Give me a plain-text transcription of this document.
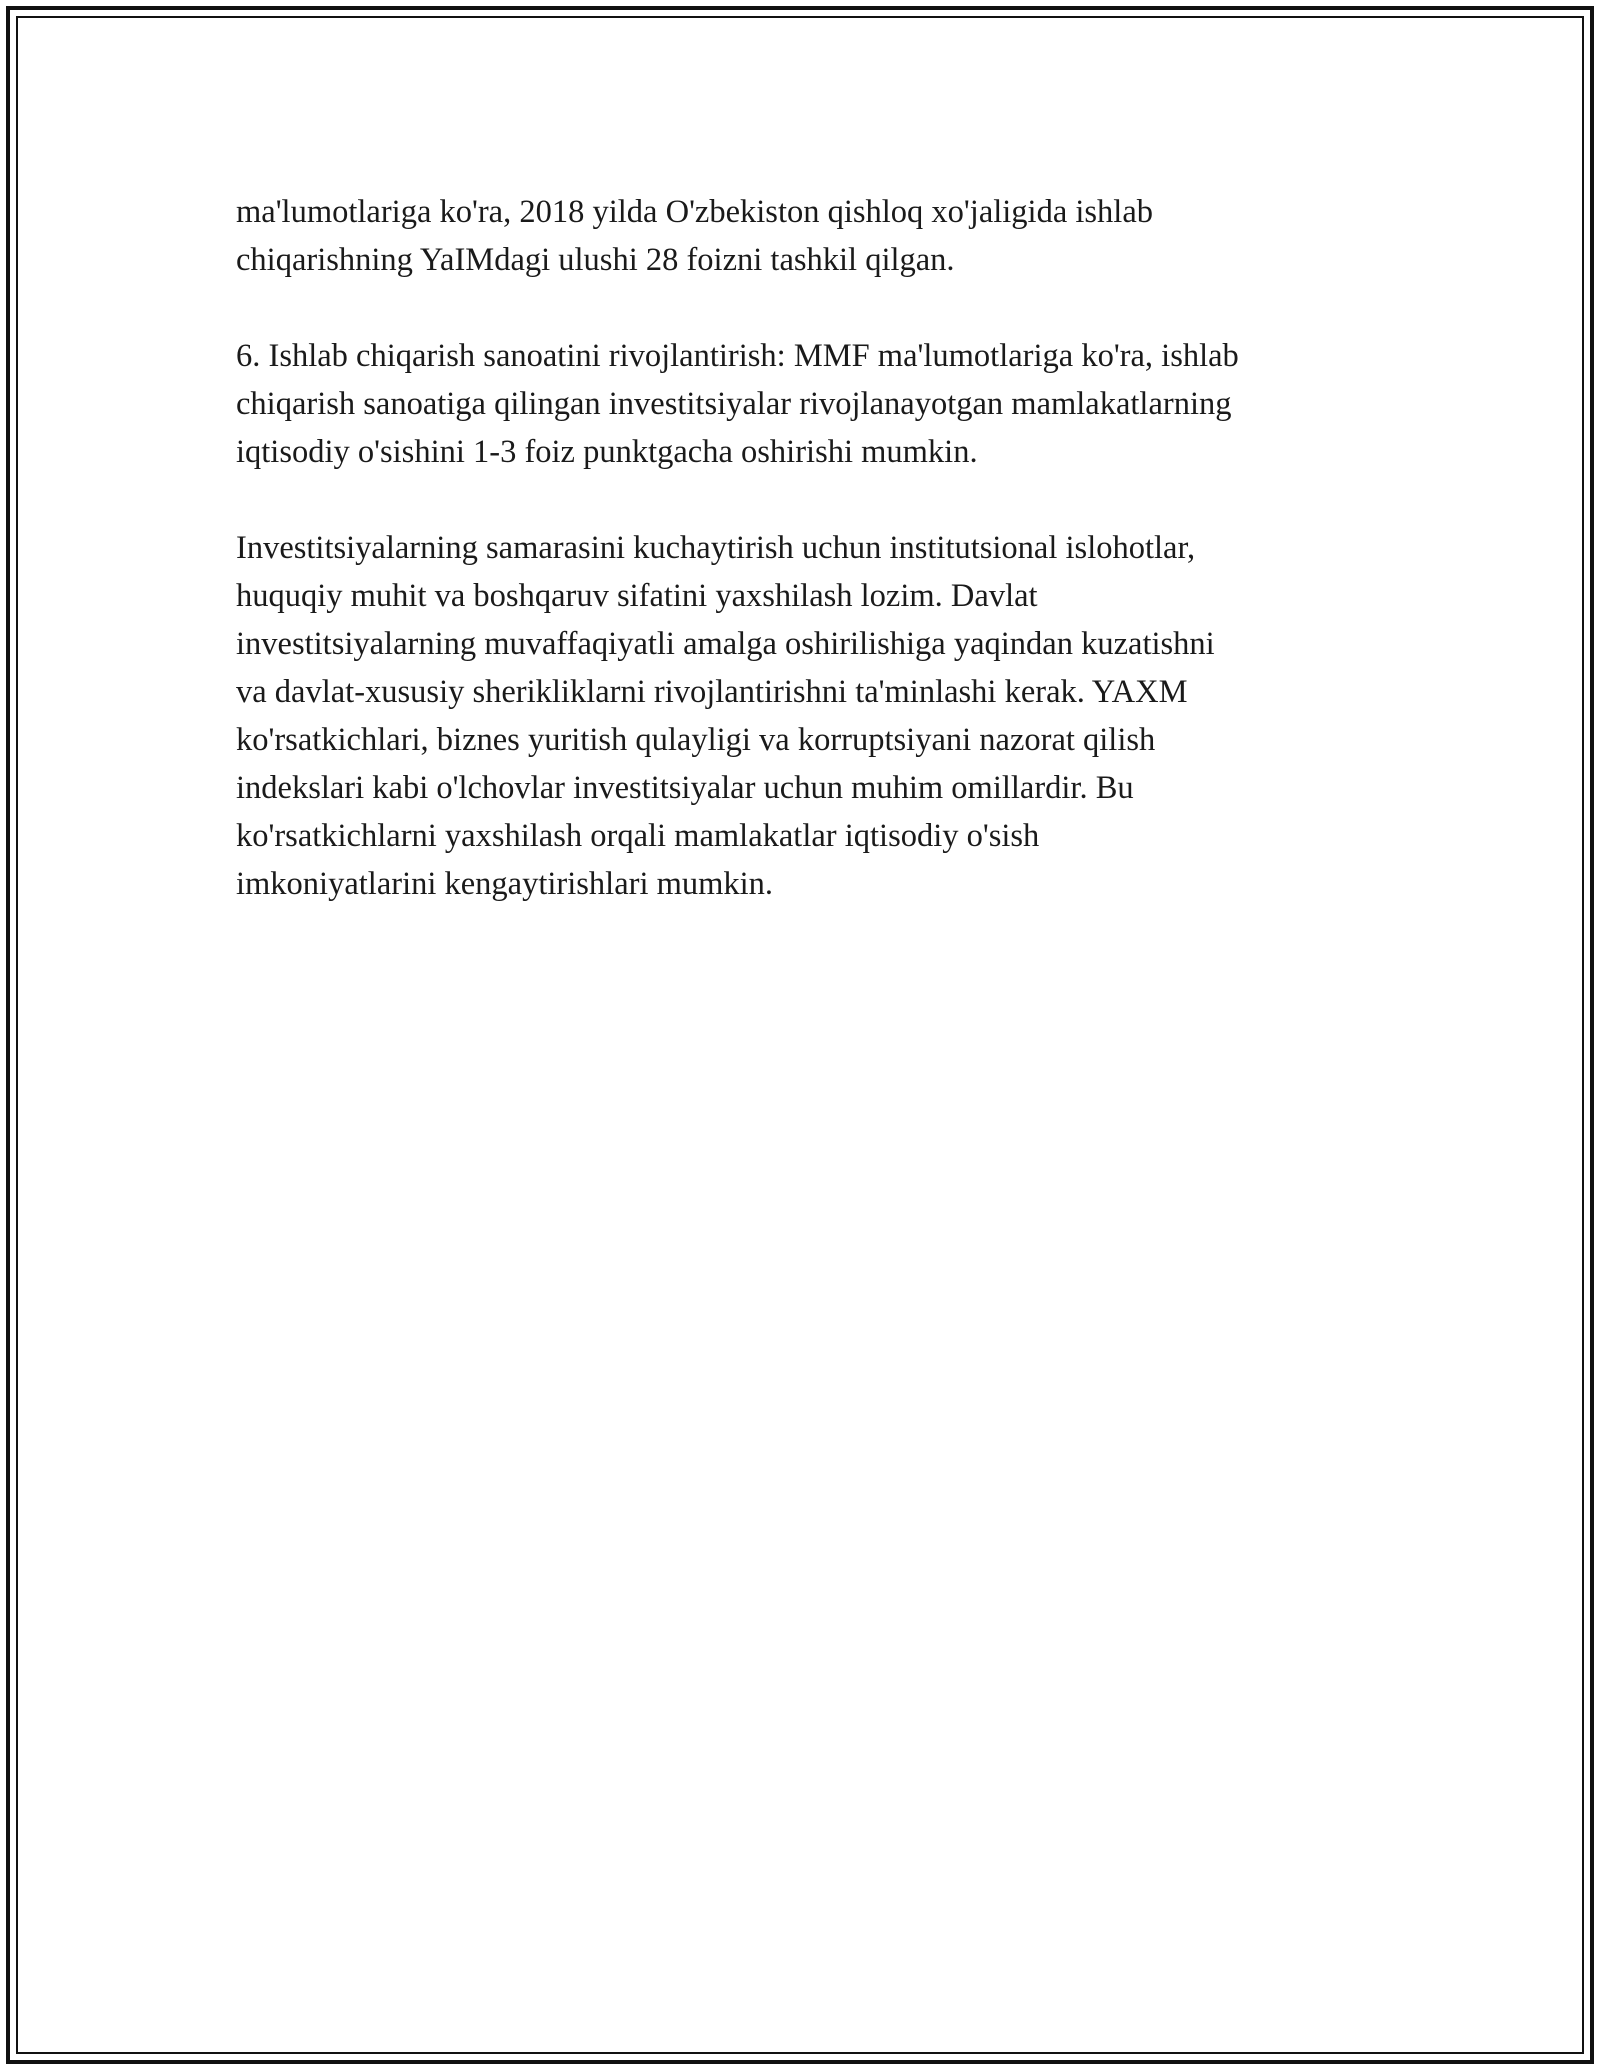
ma'lumotlariga ko'ra, 2018 yilda O'zbekiston qishloq xo'jaligida ishlab
chiqarishning YaIMdagi ulushi 28 foizni tashkil qilgan.

6. Ishlab chiqarish sanoatini rivojlantirish: MMF ma'lumotlariga ko'ra, ishlab
chiqarish sanoatiga qilingan investitsiyalar rivojlanayotgan mamlakatlarning
iqtisodiy o'sishini 1-3 foiz punktgacha oshirishi mumkin.

Investitsiyalarning samarasini kuchaytirish uchun institutsional islohotlar,
huquqiy muhit va boshqaruv sifatini yaxshilash lozim. Davlat
investitsiyalarning muvaffaqiyatli amalga oshirilishiga yaqindan kuzatishni
va davlat-xususiy sherikliklarni rivojlantirishni ta'minlashi kerak. YAXM
ko'rsatkichlari, biznes yuritish qulayligi va korruptsiyani nazorat qilish
indekslari kabi o'lchovlar investitsiyalar uchun muhim omillardir. Bu
ko'rsatkichlarni yaxshilash orqali mamlakatlar iqtisodiy o'sish
imkoniyatlarini kengaytirishlari mumkin.
